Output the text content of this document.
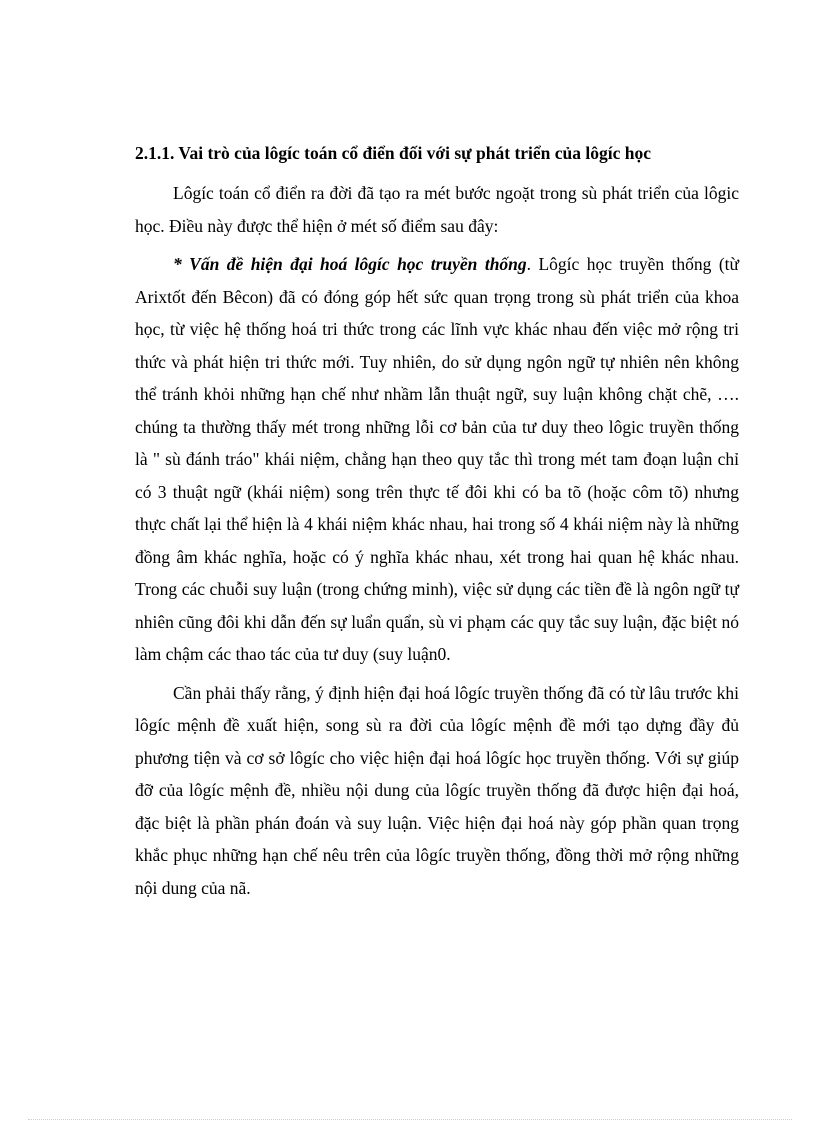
2.1.1. Vai trò của lôgíc toán cổ điển đối với sự phát triển của lôgíc học

Lôgíc toán cổ điển ra đời đã tạo ra mét bước ngoặt trong sù phát triển của lôgic học. Điều này được thể hiện ở mét số điểm sau đây:

* Vấn đề hiện đại hoá lôgíc học truyền thống. Lôgíc học truyền thống (từ Arixtốt đến Bêcon) đã có đóng góp hết sức quan trọng trong sù phát triển của khoa học, từ việc hệ thống hoá tri thức trong các lĩnh vực khác nhau đến việc mở rộng tri thức và phát hiện tri thức mới. Tuy nhiên, do sử dụng ngôn ngữ tự nhiên nên không thể tránh khỏi những hạn chế như nhầm lẫn thuật ngữ, suy luận không chặt chẽ, …. chúng ta thường thấy mét trong những lỗi cơ bản của tư duy theo lôgic truyền thống là " sù đánh tráo" khái niệm, chẳng hạn theo quy tắc thì trong mét tam đoạn luận chỉ có 3 thuật ngữ (khái niệm) song trên thực tế đôi khi có ba tõ (hoặc côm tõ) nhưng thực chất lại thể hiện là 4 khái niệm khác nhau, hai trong số 4 khái niệm này là những đồng âm khác nghĩa, hoặc có ý nghĩa khác nhau, xét trong hai quan hệ khác nhau. Trong các chuỗi suy luận (trong chứng minh), việc sử dụng các tiền đề là ngôn ngữ tự nhiên cũng đôi khi dẫn đến sự luẩn quẩn, sù vi phạm các quy tắc suy luận, đặc biệt nó làm chậm các thao tác của tư duy (suy luận0.

Cần phải thấy rằng, ý định hiện đại hoá lôgíc truyền thống đã có từ lâu trước khi lôgíc mệnh đề xuất hiện, song sù ra đời của lôgíc mệnh đề mới tạo dựng đầy đủ phương tiện và cơ sở lôgíc cho việc hiện đại hoá lôgíc học truyền thống. Với sự giúp đỡ của lôgíc mệnh đề, nhiều nội dung của lôgíc truyền thống đã được hiện đại hoá, đặc biệt là phần phán đoán và suy luận. Việc hiện đại hoá này góp phần quan trọng khắc phục những hạn chế nêu trên của lôgíc truyền thống, đồng thời mở rộng những nội dung của nã.
